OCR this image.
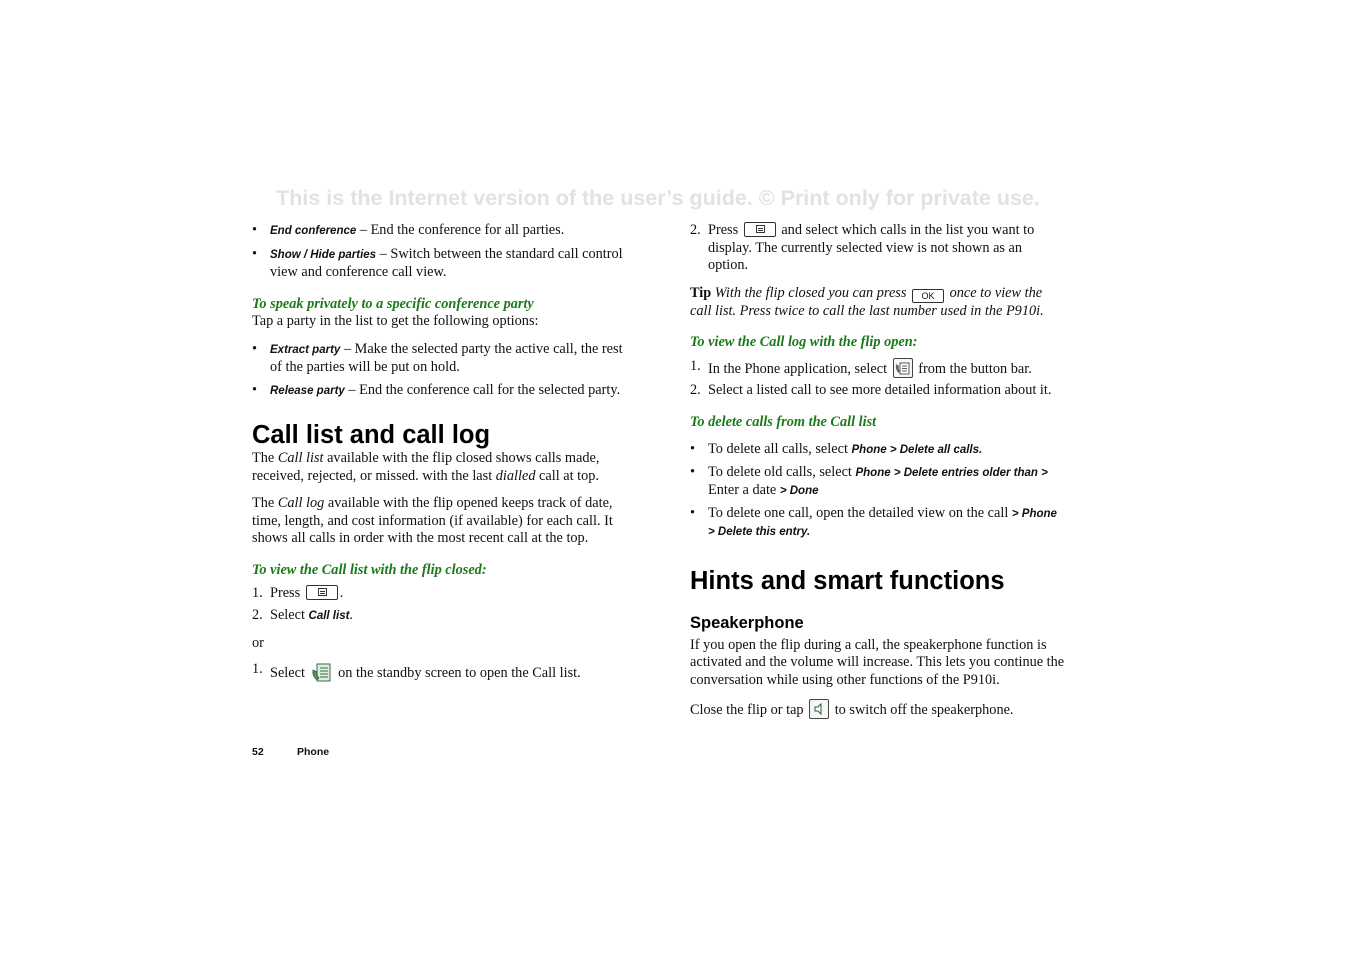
This is the Internet version of the user’s guide. © Print only for private use.
• End conference – End the conference for all parties.
• Show / Hide parties – Switch between the standard call control view and conference call view.
To speak privately to a specific conference party

Tap a party in the list to get the following options:

• Extract party – Make the selected party the active call, the rest of the parties will be put on hold.
• Release party – End the conference call for the selected party.
Call list and call log

The Call list available with the flip closed shows calls made, received, rejected, or missed. with the last dialled call at top.

The Call log available with the flip opened keeps track of date, time, length, and cost information (if available) for each call. It shows all calls in order with the most recent call at the top.

To view the Call list with the flip closed:
1. Press	.
2. Select Call list.

or

1. Select  on the standby screen to open the Call list.
2. Press	and select which calls in the list you want to display. The currently selected view is not shown as an option.

Tip With the flip closed you can press OK once to view the call list. Press twice to call the last number used in the P910i.

To view the Call log with the flip open:
1. In the Phone application, select
from the button bar.
2. Select a listed call to see more detailed information about it.
To delete calls from the Call list
• To delete all calls, select Phone > Delete all calls.
• To delete old calls, select Phone > Delete entries older than > Enter a date > Done
• To delete one call, open the detailed view on the call > Phone > Delete this entry.
Hints and smart functions
Speakerphone

If you open the flip during a call, the speakerphone function is activated and the volume will increase. This lets you continue the conversation while using other functions of the P910i.

Close the flip or tap
to switch off the speakerphone.

52	Phone
